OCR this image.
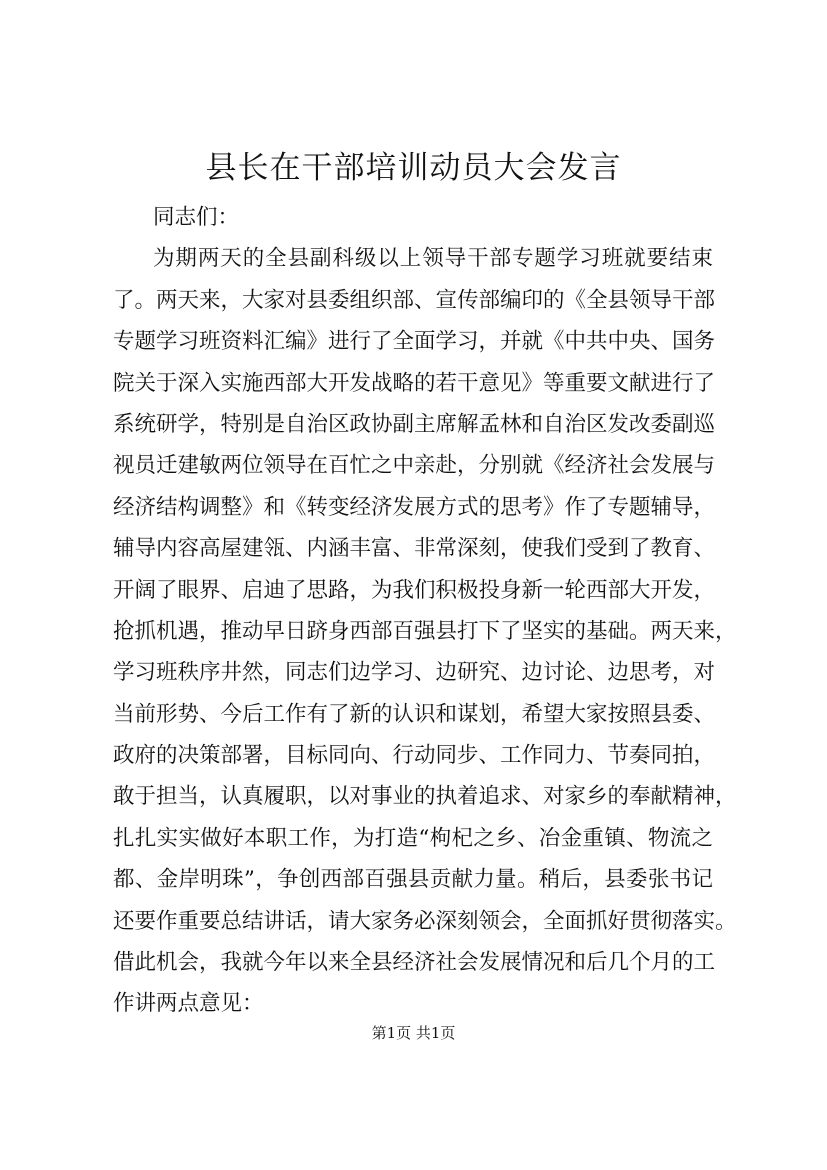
县长在干部培训动员大会发言
同志们：
为期两天的全县副科级以上领导干部专题学习班就要结束
了。两天来，大家对县委组织部、宣传部编印的《全县领导干部
专题学习班资料汇编》进行了全面学习，并就《中共中央、国务
院关于深入实施西部大开发战略的若干意见》等重要文献进行了
系统研学，特别是自治区政协副主席解孟林和自治区发改委副巡
视员迁建敏两位领导在百忙之中亲赴，分别就《经济社会发展与
经济结构调整》和《转变经济发展方式的思考》作了专题辅导，
辅导内容高屋建瓴、内涵丰富、非常深刻，使我们受到了教育、
开阔了眼界、启迪了思路，为我们积极投身新一轮西部大开发，
抢抓机遇，推动早日跻身西部百强县打下了坚实的基础。两天来，
学习班秩序井然，同志们边学习、边研究、边讨论、边思考，对
当前形势、今后工作有了新的认识和谋划，希望大家按照县委、
政府的决策部署，目标同向、行动同步、工作同力、节奏同拍，
敢于担当，认真履职，以对事业的执着追求、对家乡的奉献精神，
扎扎实实做好本职工作，为打造“枸杞之乡、冶金重镇、物流之
都、金岸明珠”，争创西部百强县贡献力量。稍后，县委张书记
还要作重要总结讲话，请大家务必深刻领会，全面抓好贯彻落实。
借此机会，我就今年以来全县经济社会发展情况和后几个月的工
作讲两点意见：
第1页 共1页
